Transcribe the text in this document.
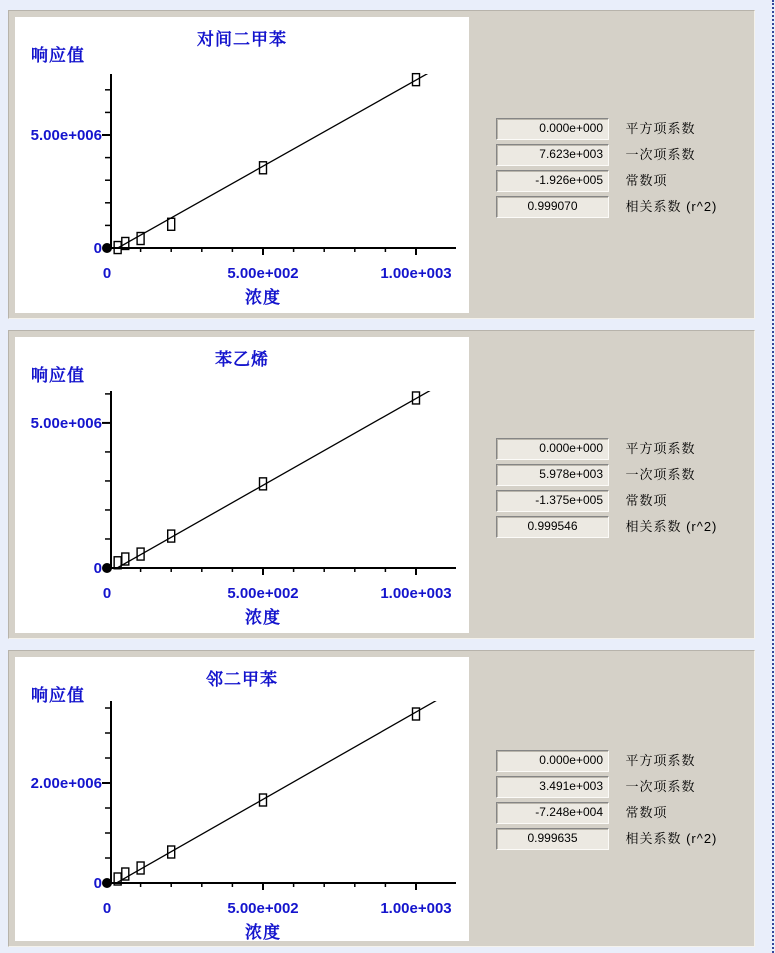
对间二甲苯
响应值
0	5.00e+002	1.00e+003
0
5.00e+006
浓度
0.000e+000 平方项系数
7.623e+003 一次项系数
-1.926e+005 常数项
0.999070	相关系数 (r^2)
苯乙烯
响应值
0	5.00e+002	1.00e+003
0
5.00e+006
浓度
0.000e+000 平方项系数
5.978e+003 一次项系数
-1.375e+005 常数项
0.999546	相关系数 (r^2)
邻二甲苯
响应值
0	5.00e+002	1.00e+003
0
2.00e+006
浓度
0.000e+000 平方项系数
3.491e+003 一次项系数
-7.248e+004 常数项
0.999635	相关系数 (r^2)
